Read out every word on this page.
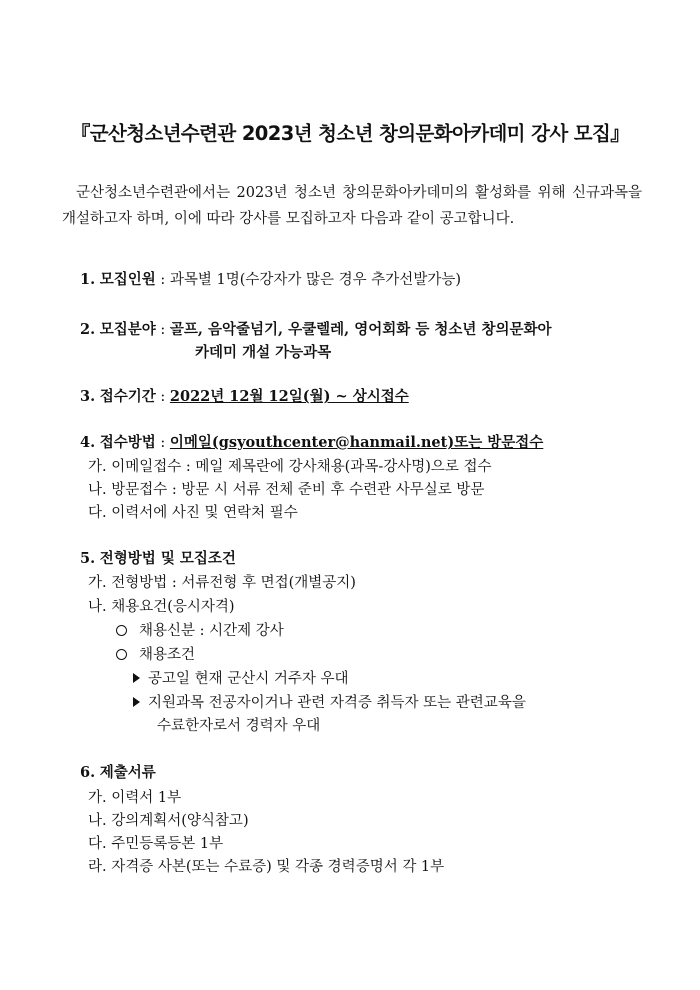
『군산청소년수련관 2023년 청소년 창의문화아카데미 강사 모집』
군산청소년수련관에서는 2023년 청소년 창의문화아카데미의 활성화를 위해 신규과목을 개설하고자 하며, 이에 따라 강사를 모집하고자 다음과 같이 공고합니다.
1. 모집인원 : 과목별 1명(수강자가 많은 경우 추가선발가능)
2. 모집분야 : 골프, 음악줄넘기, 우쿨렐레, 영어회화 등 청소년 창의문화아
카데미 개설 가능과목
3. 접수기간 : 2022년 12월 12일(월) ~ 상시접수
4. 접수방법 : 이메일(gsyouthcenter@hanmail.net)또는 방문접수
가. 이메일접수 : 메일 제목란에 강사채용(과목-강사명)으로 접수
나. 방문접수 : 방문 시 서류 전체 준비 후 수련관 사무실로 방문
다. 이력서에 사진 및 연락처 필수
5. 전형방법 및 모집조건
가. 전형방법 : 서류전형 후 면접(개별공지)
나. 채용요건(응시자격)
채용신분 : 시간제 강사
채용조건
공고일 현재 군산시 거주자 우대
지원과목 전공자이거나 관련 자격증 취득자 또는 관련교육을
수료한자로서 경력자 우대
6. 제출서류
가. 이력서 1부
나. 강의계획서(양식참고)
다. 주민등록등본 1부
라. 자격증 사본(또는 수료증) 및 각종 경력증명서 각 1부
